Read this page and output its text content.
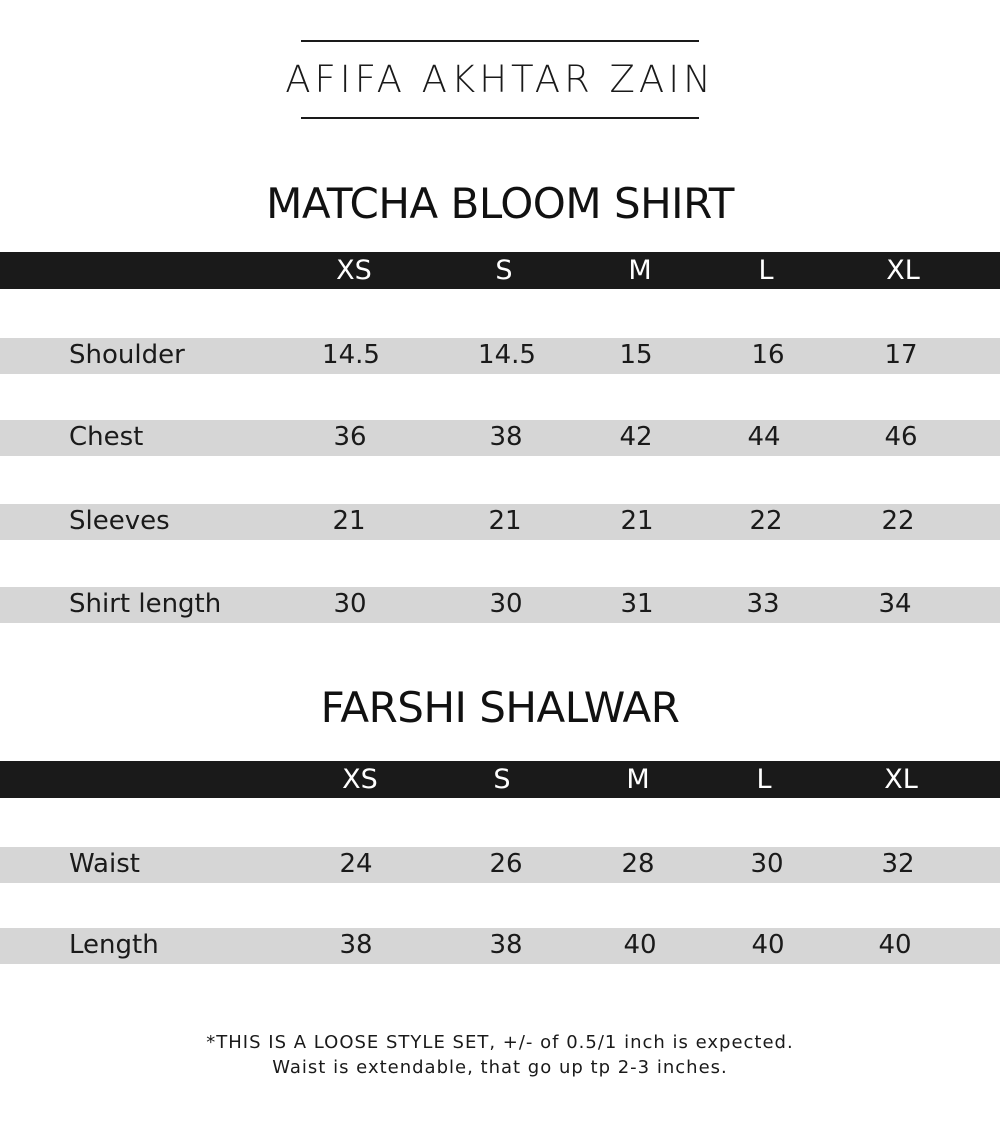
AFIFA AKHTAR ZAIN
MATCHA BLOOM SHIRT
XS	S	M	L	XL
Shoulder	14.5	14.5	15	16	17
Chest	36	38	42	44	46
Sleeves	21	21	21	22	22
Shirt length	30	30	31	33	34
FARSHI SHALWAR
XS	S	M	L	XL
Waist	24	26	28	30	32
Length	38	38	40	40	40
*THIS IS A LOOSE STYLE SET, +/- of 0.5/1 inch is expected.
Waist is extendable, that go up tp 2-3 inches.
